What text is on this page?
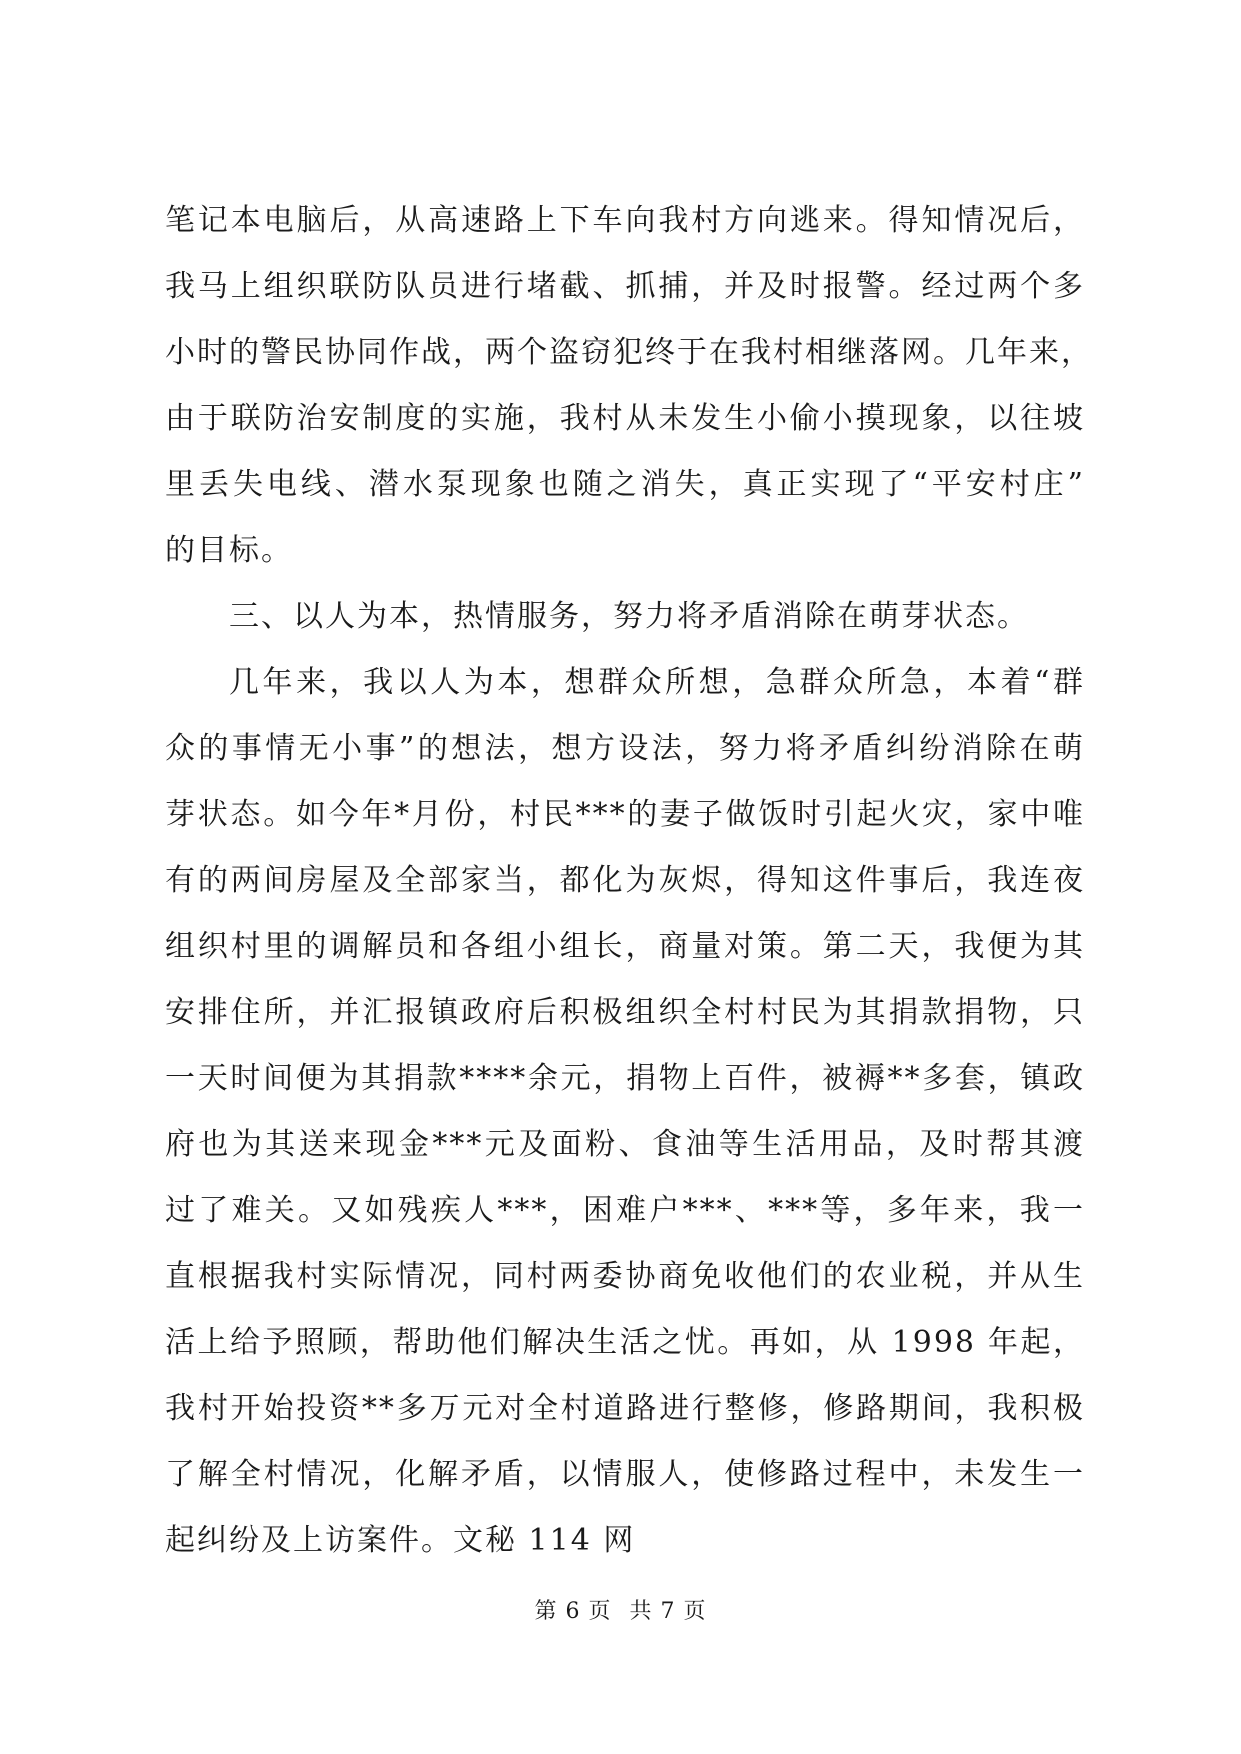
笔记本电脑后，从高速路上下车向我村方向逃来。得知情况后，
我马上组织联防队员进行堵截、抓捕，并及时报警。经过两个多
小时的警民协同作战，两个盗窃犯终于在我村相继落网。几年来，
由于联防治安制度的实施，我村从未发生小偷小摸现象，以往坡
里丢失电线、潜水泵现象也随之消失，真正实现了“平安村庄”
的目标。
三、以人为本，热情服务，努力将矛盾消除在萌芽状态。
几年来，我以人为本，想群众所想，急群众所急，本着“群
众的事情无小事”的想法，想方设法，努力将矛盾纠纷消除在萌
芽状态。如今年*月份，村民***的妻子做饭时引起火灾，家中唯
有的两间房屋及全部家当，都化为灰烬，得知这件事后，我连夜
组织村里的调解员和各组小组长，商量对策。第二天，我便为其
安排住所，并汇报镇政府后积极组织全村村民为其捐款捐物，只
一天时间便为其捐款****余元，捐物上百件，被褥**多套，镇政
府也为其送来现金***元及面粉、食油等生活用品，及时帮其渡
过了难关。又如残疾人***，困难户***、***等，多年来，我一
直根据我村实际情况，同村两委协商免收他们的农业税，并从生
活上给予照顾，帮助他们解决生活之忧。再如，从 1998 年起，
我村开始投资**多万元对全村道路进行整修，修路期间，我积极
了解全村情况，化解矛盾，以情服人，使修路过程中，未发生一
起纠纷及上访案件。文秘 114 网
第 6 页 共 7 页
